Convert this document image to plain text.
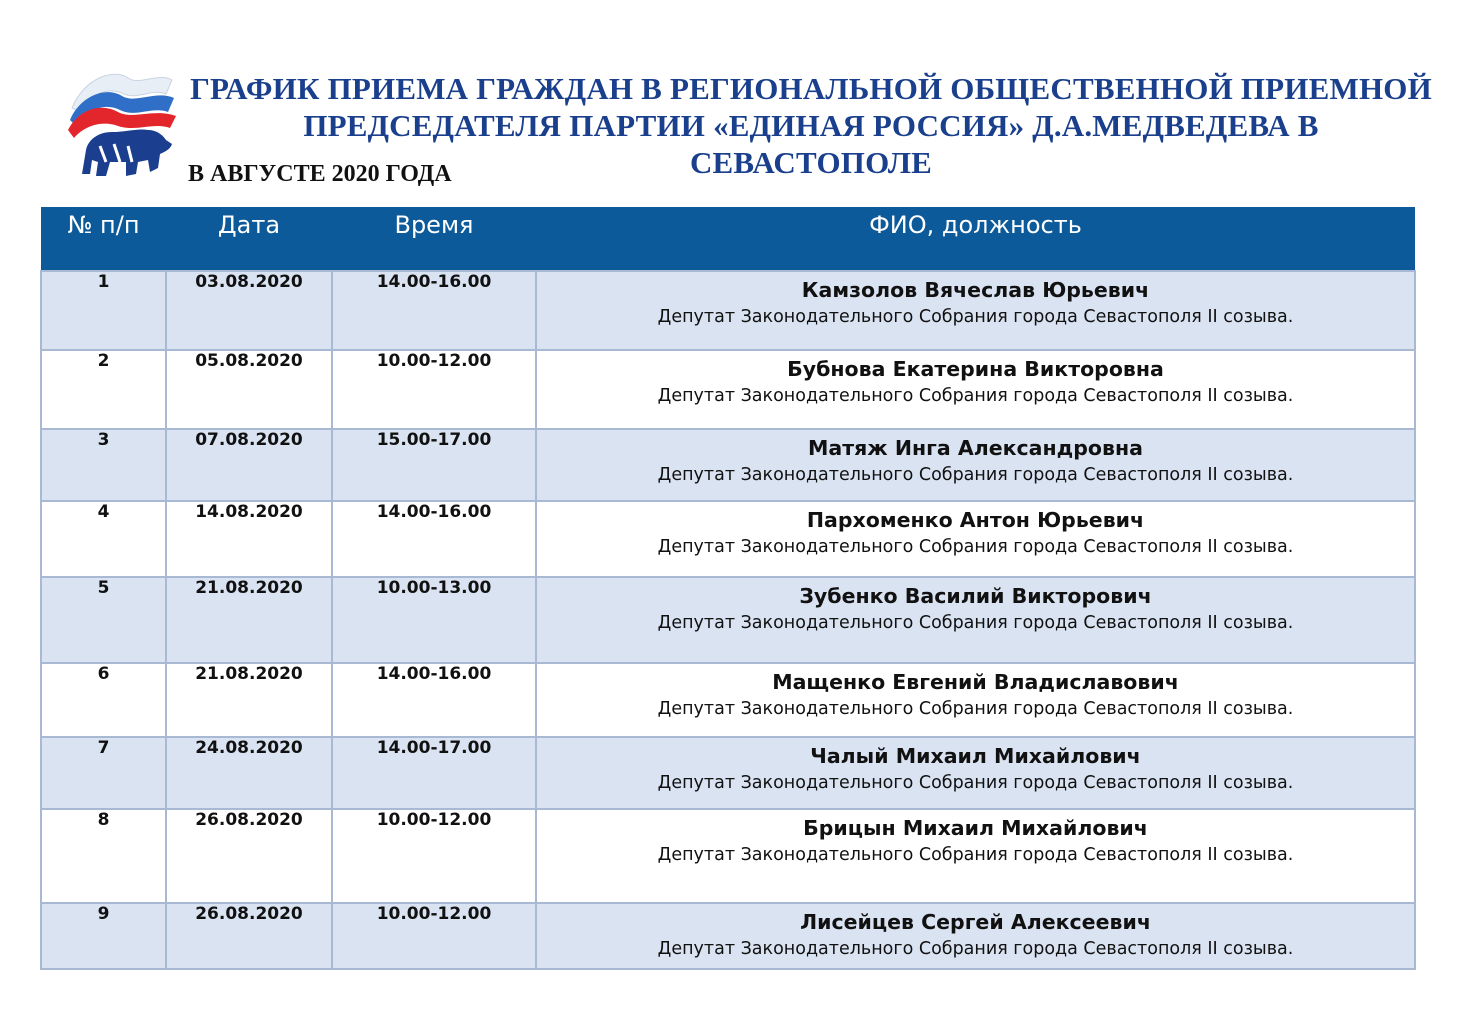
ГРАФИК ПРИЕМА ГРАЖДАН В РЕГИОНАЛЬНОЙ ОБЩЕСТВЕННОЙ ПРИЕМНОЙ
ПРЕДСЕДАТЕЛЯ ПАРТИИ «ЕДИНАЯ РОССИЯ» Д.А.МЕДВЕДЕВА В СЕВАСТОПОЛЕ
В АВГУСТЕ 2020 ГОДА
№ п/п	Дата	Время	ФИО, должность
1	03.08.2020	14.00-16.00	Камзолов Вячеслав Юрьевич
Депутат Законодательного Собрания города Севастополя II созыва.

2	05.08.2020	10.00-12.00	Бубнова Екатерина Викторовна
Депутат Законодательного Собрания города Севастополя II созыва.

3	07.08.2020	15.00-17.00	Матяж Инга Александровна
Депутат Законодательного Собрания города Севастополя II созыва.

4	14.08.2020	14.00-16.00	Пархоменко Антон Юрьевич
Депутат Законодательного Собрания города Севастополя II созыва.

5	21.08.2020	10.00-13.00	Зубенко Василий Викторович
Депутат Законодательного Собрания города Севастополя II созыва.

6	21.08.2020	14.00-16.00	Мащенко Евгений Владиславович
Депутат Законодательного Собрания города Севастополя II созыва.

7	24.08.2020	14.00-17.00	Чалый Михаил Михайлович
Депутат Законодательного Собрания города Севастополя II созыва.

8	26.08.2020	10.00-12.00	Брицын Михаил Михайлович
Депутат Законодательного Собрания города Севастополя II созыва.

9	26.08.2020	10.00-12.00	Лисейцев Сергей Алексеевич
Депутат Законодательного Собрания города Севастополя II созыва.
